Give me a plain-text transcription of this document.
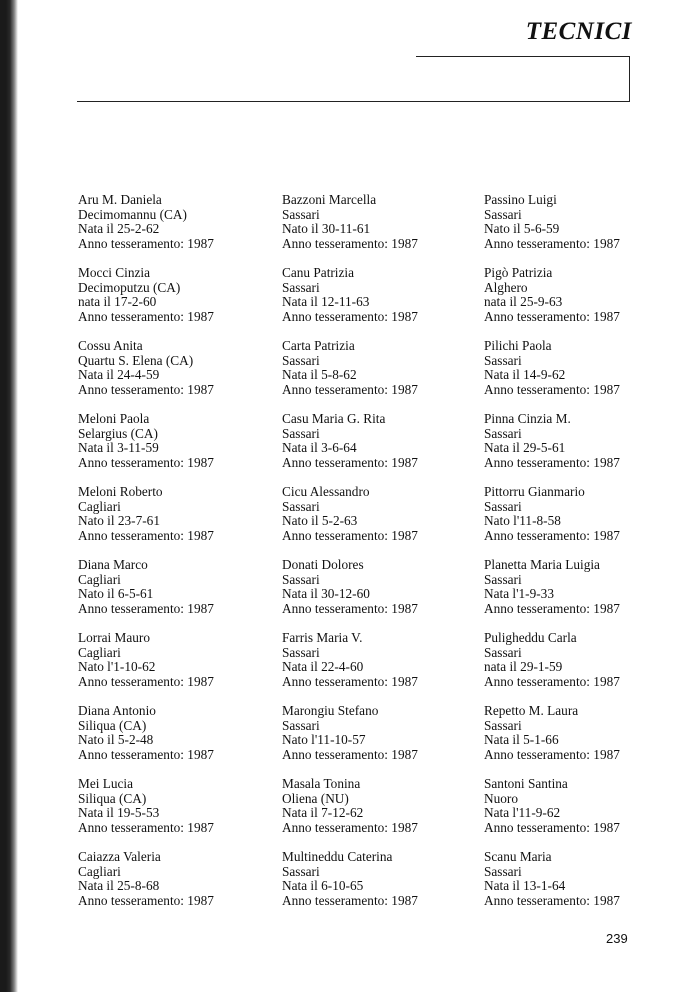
TECNICI
Aru M. Daniela
Decimomannu (CA)
Nata il 25-2-62
Anno tesseramento: 1987
Mocci Cinzia
Decimoputzu (CA)
nata il 17-2-60
Anno tesseramento: 1987
Cossu Anita
Quartu S. Elena (CA)
Nata il 24-4-59
Anno tesseramento: 1987
Meloni Paola
Selargius (CA)
Nata il 3-11-59
Anno tesseramento: 1987
Meloni Roberto
Cagliari
Nato il 23-7-61
Anno tesseramento: 1987
Diana Marco
Cagliari
Nato il 6-5-61
Anno tesseramento: 1987
Lorrai Mauro
Cagliari
Nato l'1-10-62
Anno tesseramento: 1987
Diana Antonio
Siliqua (CA)
Nato il 5-2-48
Anno tesseramento: 1987
Mei Lucia
Siliqua (CA)
Nata il 19-5-53
Anno tesseramento: 1987
Caiazza Valeria
Cagliari
Nata il 25-8-68
Anno tesseramento: 1987
Bazzoni Marcella
Sassari
Nato il 30-11-61
Anno tesseramento: 1987
Canu Patrizia
Sassari
Nata il 12-11-63
Anno tesseramento: 1987
Carta Patrizia
Sassari
Nata il 5-8-62
Anno tesseramento: 1987
Casu Maria G. Rita
Sassari
Nata il 3-6-64
Anno tesseramento: 1987
Cicu Alessandro
Sassari
Nato il 5-2-63
Anno tesseramento: 1987
Donati Dolores
Sassari
Nata il 30-12-60
Anno tesseramento: 1987
Farris Maria V.
Sassari
Nata il 22-4-60
Anno tesseramento: 1987
Marongiu Stefano
Sassari
Nato l'11-10-57
Anno tesseramento: 1987
Masala Tonina
Oliena (NU)
Nata il 7-12-62
Anno tesseramento: 1987
Multineddu Caterina
Sassari
Nata il 6-10-65
Anno tesseramento: 1987
Passino Luigi
Sassari
Nato il 5-6-59
Anno tesseramento: 1987
Pigò Patrizia
Alghero
nata il 25-9-63
Anno tesseramento: 1987
Pilichi Paola
Sassari
Nata il 14-9-62
Anno tesseramento: 1987
Pinna Cinzia M.
Sassari
Nata il 29-5-61
Anno tesseramento: 1987
Pittorru Gianmario
Sassari
Nato l'11-8-58
Anno tesseramento: 1987
Planetta Maria Luigia
Sassari
Nata l'1-9-33
Anno tesseramento: 1987
Puligheddu Carla
Sassari
nata il 29-1-59
Anno tesseramento: 1987
Repetto M. Laura
Sassari
Nata il 5-1-66
Anno tesseramento: 1987
Santoni Santina
Nuoro
Nata l'11-9-62
Anno tesseramento: 1987
Scanu Maria
Sassari
Nata il 13-1-64
Anno tesseramento: 1987
239
